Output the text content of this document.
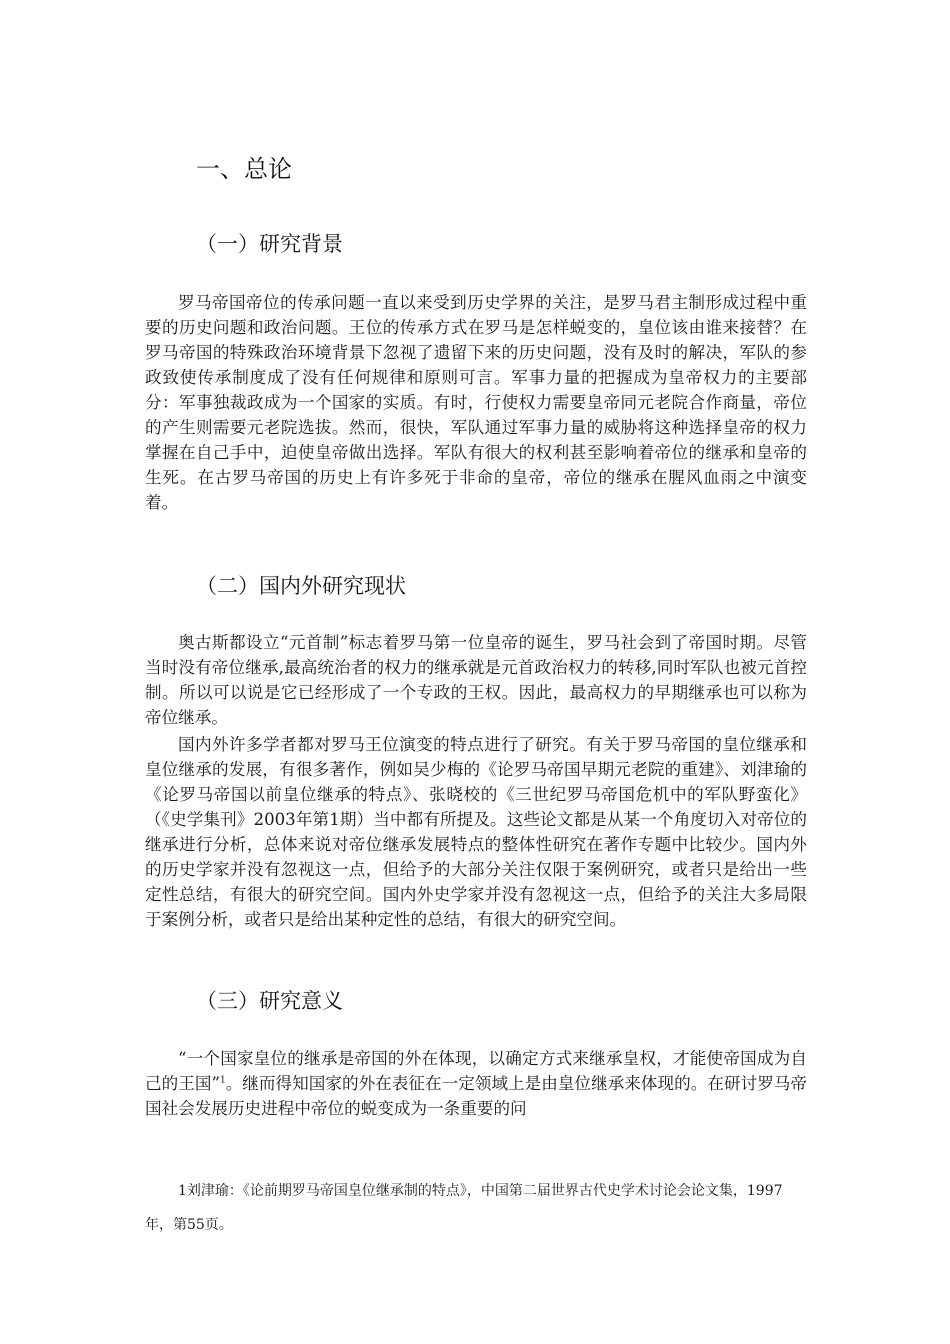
一、总论
（一）研究背景

罗马帝国帝位的传承问题一直以来受到历史学界的关注，是罗马君主制形成过程中重要的历史问题和政治问题。王位的传承方式在罗马是怎样蜕变的，皇位该由谁来接替？在罗马帝国的特殊政治环境背景下忽视了遗留下来的历史问题，没有及时的解决，军队的参政致使传承制度成了没有任何规律和原则可言。军事力量的把握成为皇帝权力的主要部分：军事独裁政成为一个国家的实质。有时，行使权力需要皇帝同元老院合作商量，帝位的产生则需要元老院选拔。然而，很快，军队通过军事力量的威胁将这种选择皇帝的权力掌握在自己手中，迫使皇帝做出选择。军队有很大的权利甚至影响着帝位的继承和皇帝的生死。在古罗马帝国的历史上有许多死于非命的皇帝，帝位的继承在腥风血雨之中演变着。

（二）国内外研究现状

奥古斯都设立“元首制”标志着罗马第一位皇帝的诞生，罗马社会到了帝国时期。尽管当时没有帝位继承,最高统治者的权力的继承就是元首政治权力的转移,同时军队也被元首控制。所以可以说是它已经形成了一个专政的王权。因此，最高权力的早期继承也可以称为帝位继承。

国内外许多学者都对罗马王位演变的特点进行了研究。有关于罗马帝国的皇位继承和皇位继承的发展，有很多著作，例如吴少梅的《论罗马帝国早期元老院的重建》、刘津瑜的《论罗马帝国以前皇位继承的特点》、张晓校的《三世纪罗马帝国危机中的军队野蛮化》（《史学集刊》2003年第1期）当中都有所提及。这些论文都是从某一个角度切入对帝位的继承进行分析，总体来说对帝位继承发展特点的整体性研究在著作专题中比较少。国内外的历史学家并没有忽视这一点，但给予的大部分关注仅限于案例研究，或者只是给出一些定性总结，有很大的研究空间。国内外史学家并没有忽视这一点，但给予的关注大多局限于案例分析，或者只是给出某种定性的总结，有很大的研究空间。

（三）研究意义

“一个国家皇位的继承是帝国的外在体现，以确定方式来继承皇权，才能使帝国成为自己的王国”$^1$。继而得知国家的外在表征在一定领域上是由皇位继承来体现的。在研讨罗马帝国社会发展历史进程中帝位的蜕变成为一条重要的问

1刘津瑜：《论前期罗马帝国皇位继承制的特点》，中国第二届世界古代史学术讨论会论文集，1997年，第55页。
